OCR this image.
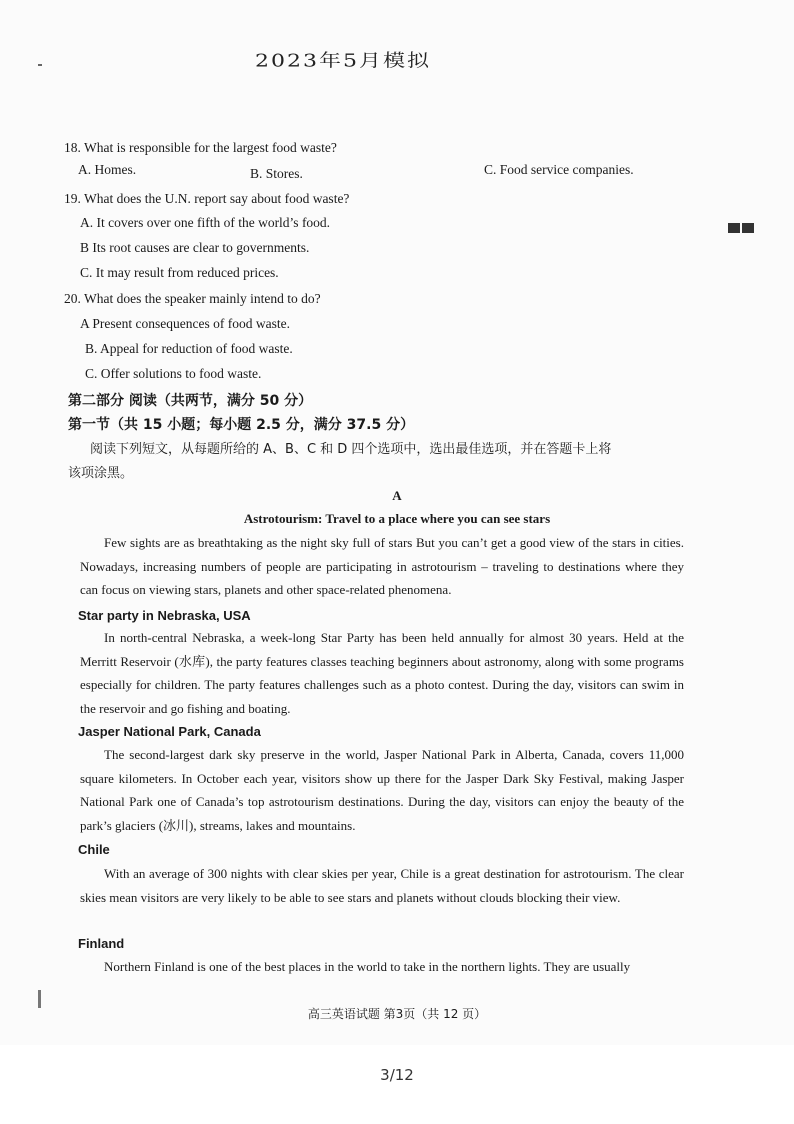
2023年5月模拟
18. What is responsible for the largest food waste?
A. Homes.	B. Stores.	C. Food service companies.
19. What does the U.N. report say about food waste?
A. It covers over one fifth of the world’s food.
B Its root causes are clear to governments.
C. It may result from reduced prices.
20. What does the speaker mainly intend to do?
A Present consequences of food waste.
B. Appeal for reduction of food waste.
C. Offer solutions to food waste.
第二部分 阅读（共两节，满分 50 分）
第一节（共 15 小题；每小题 2.5 分，满分 37.5 分）
阅读下列短文，从每题所给的 A、B、C 和 D 四个选项中，选出最佳选项，并在答题卡上将
该项涂黑。
A
Astrotourism: Travel to a place where you can see stars
Few sights are as breathtaking as the night sky full of stars But you can’t get a good view of the stars in cities. Nowadays, increasing numbers of people are participating in astrotourism – traveling to destinations where they can focus on viewing stars, planets and other space-related phenomena.
Star party in Nebraska, USA
In north-central Nebraska, a week-long Star Party has been held annually for almost 30 years. Held at the Merritt Reservoir (水库), the party features classes teaching beginners about astronomy, along with some programs especially for children. The party features challenges such as a photo contest. During the day, visitors can swim in the reservoir and go fishing and boating.
Jasper National Park, Canada
The second-largest dark sky preserve in the world, Jasper National Park in Alberta, Canada, covers 11,000 square kilometers. In October each year, visitors show up there for the Jasper Dark Sky Festival, making Jasper National Park one of Canada’s top astrotourism destinations. During the day, visitors can enjoy the beauty of the park’s glaciers (冰川), streams, lakes and mountains.
Chile
With an average of 300 nights with clear skies per year, Chile is a great destination for astrotourism. The clear skies mean visitors are very likely to be able to see stars and planets without clouds blocking their view.
Finland
Northern Finland is one of the best places in the world to take in the northern lights. They are usually
高三英语试题 第3页（共 12 页）
3/12
